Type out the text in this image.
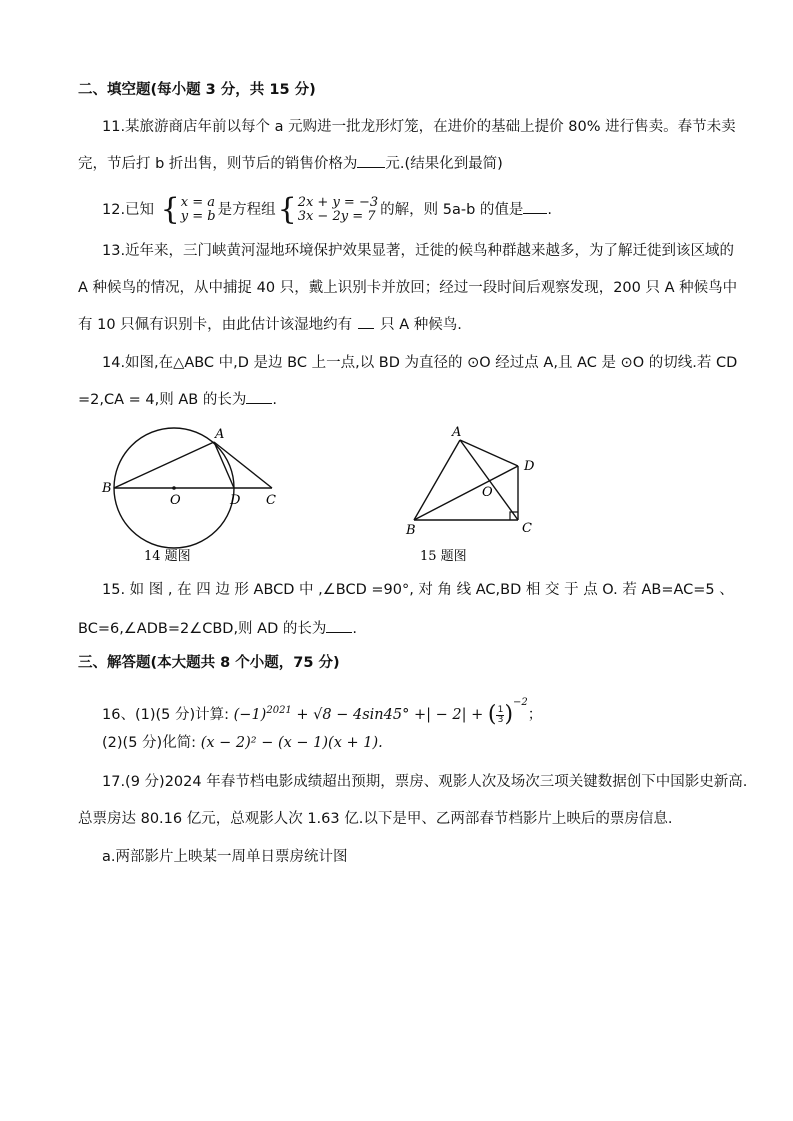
二、填空题(每小题 3 分，共 15 分)
11.某旅游商店年前以每个 a 元购进一批龙形灯笼，在进价的基础上提价 80% 进行售卖。春节未卖
完，节后打 b 折出售，则节后的销售价格为 元.(结果化到最简)
12.已知 { x = a
y = b 是方程组 { 2x + y = −3
3x − 2y = 7 的解，则 5a-b 的值是 .
13.近年来，三门峡黄河湿地环境保护效果显著，迁徙的候鸟种群越来越多，为了解迁徙到该区域的
A 种候鸟的情况，从中捕捉 40 只，戴上识别卡并放回；经过一段时间后观察发现，200 只 A 种候鸟中
有 10 只佩有识别卡，由此估计该湿地约有 只 A 种候鸟.
14.如图,在△ABC 中,D 是边 BC 上一点,以 BD 为直径的 ⊙O 经过点 A,且 AC 是 ⊙O 的切线.若 CD
=2,CA = 4,则 AB 的长为 .
A
B
O	D C
14 题图
A
B
O
D
C
15 题图
15. 如 图 , 在 四 边 形 ABCD 中 ,∠BCD =90°, 对 角 线 AC,BD 相 交 于 点 O. 若 AB=AC=5 、
BC=6,∠ADB=2∠CBD,则 AD 的长为 .
三、解答题(本大题共 8 个小题，75 分)
16、(1)(5 分)计算: $(-1)^{2021} + √8 - 4\sin 45^\circ$ +| − 2| + ( $\frac{1}{3} )^{-2}$；
(2)(5 分)化简: (x − 2)² − (x − 1)(x + 1).
17.(9 分)2024 年春节档电影成绩超出预期，票房、观影人次及场次三项关键数据创下中国影史新高.
总票房达 80.16 亿元，总观影人次 1.63 亿.以下是甲、乙两部春节档影片上映后的票房信息.
a.两部影片上映某一周单日票房统计图
